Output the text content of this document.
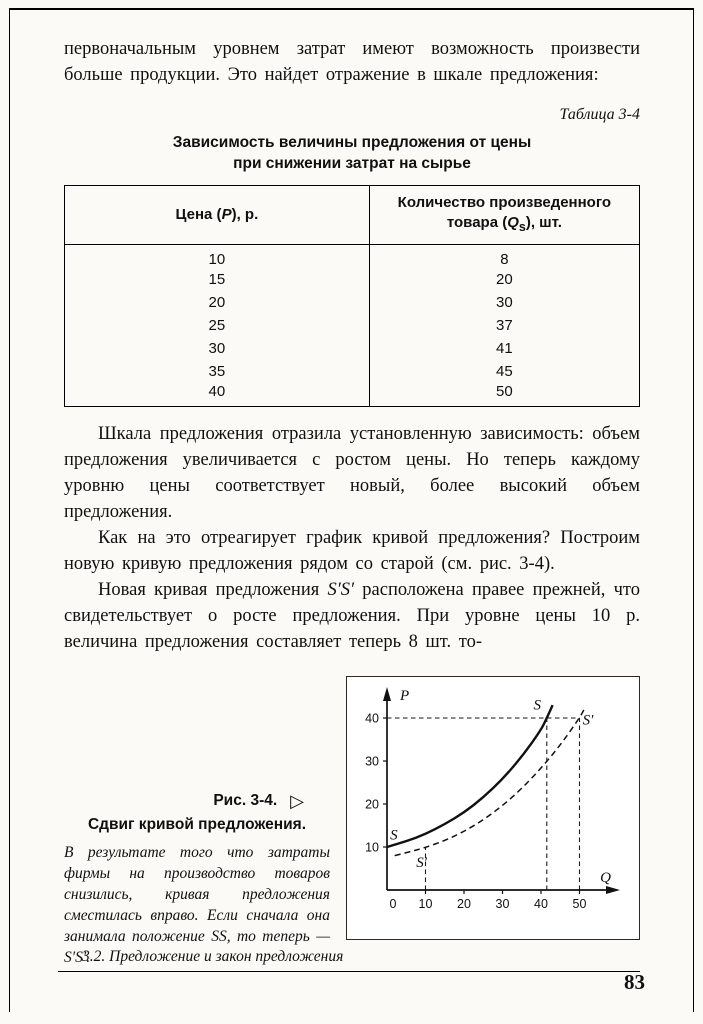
первоначальным уровнем затрат имеют возможность произвести больше продукции. Это найдет отражение в шкале предложения:

Таблица 3-4
Зависимость величины предложения от цены
при снижении затрат на сырье
Цена (P), р.	Количество произведенного
товара $(Q_s)$, шт.
10	8
15	20
20	30
25	37
30	41
35	45
40	50

Шкала предложения отразила установленную зависимость: объем предложения увеличивается с ростом цены. Но теперь каждому уровню цены соответствует новый, более высокий объем предложения.

Как на это отреагирует график кривой предложения? Построим новую кривую предложения рядом со старой (см. рис. 3-4).

Новая кривая предложения S′S′ расположена правее прежней, что свидетельствует о росте предложения. При уровне цены 10 р. величина предложения составляет теперь 8 шт. то-

Рис. 3-4. ▷
Сдвиг кривой предложения.

В результате того что затраты фирмы на производство товаров снизились, кривая предложения сместилась вправо. Если сначала она занимала положение SS, то теперь — S′S′.

0 10 20 30 40 50
10
20
30
40
P
Q
S
S′
S
S′
3.2. Предложение и закон предложения
83
